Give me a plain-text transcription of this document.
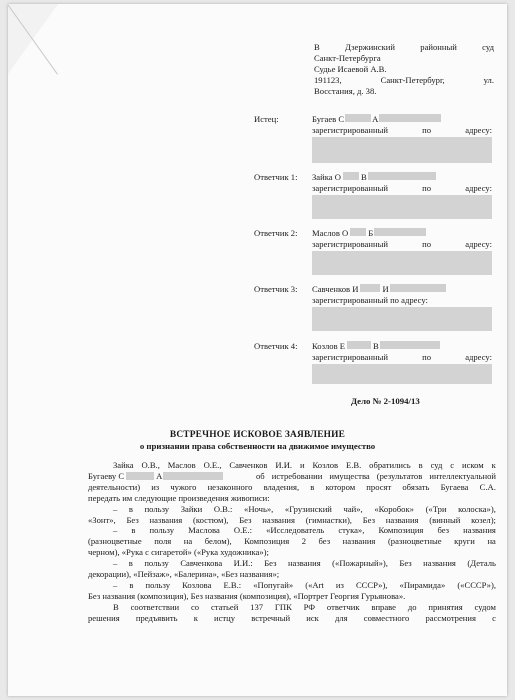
В	Дзержинский	районный	суд
Санкт-Петербурга
Судье Исаевой А.В.
191123,	Санкт-Петербург,	ул.
Восстания, д. 38.
Истец:	Бугаев С	А
зарегистрированный	по	адресу:
Ответчик 1: Зайка О В
зарегистрированный	по	адресу:
Ответчик 2: Маслов О Б
зарегистрированный	по	адресу:
Ответчик 3: Савченков И	И
зарегистрированный по адресу:
Ответчик 4: Козлов Е	В
зарегистрированный	по	адресу:
Дело № 2-1094/13
ВСТРЕЧНОЕ ИСКОВОЕ ЗАЯВЛЕНИЕ
о признании права собственности на движимое имущество
Зайка О.В., Маслов О.Е., Савченков И.И. и Козлов Е.В. обратились в суд с иском к
Бугаеву С	А	об истребовании имущества (результатов интеллектуальной
деятельности) из чужого незаконного владения, в котором просят обязать Бугаева С.А.
передать им следующие произведения живописи:
– в пользу Зайки О.В.: «Ночь», «Грузинский чай», «Коробок» («Три колоска»),
«Зонт», Без названия (костюм), Без названия (гимнастки), Без названия (винный козел);
– в пользу Маслова О.Е.: «Исследователь стука», Композиция без названия
(разноцветные поля на белом), Композиция 2 без названия (разноцветные круги на
черном), «Рука с сигаретой» («Рука художника»);
– в пользу Савченкова И.И.: Без названия («Пожарный»), Без названия (Деталь
декорации), «Пейзаж», «Балерина», «Без названия»;
– в пользу Козлова Е.В.: «Попугай» («Art из СССР»), «Пирамида» («СССР»),
Без названия (композиция), Без названия (композиция), «Портрет Георгия Гурьянова».
В соответствии со статьей 137 ГПК РФ ответчик вправе до принятия судом
решения предъявить к истцу встречный иск для совместного рассмотрения с
